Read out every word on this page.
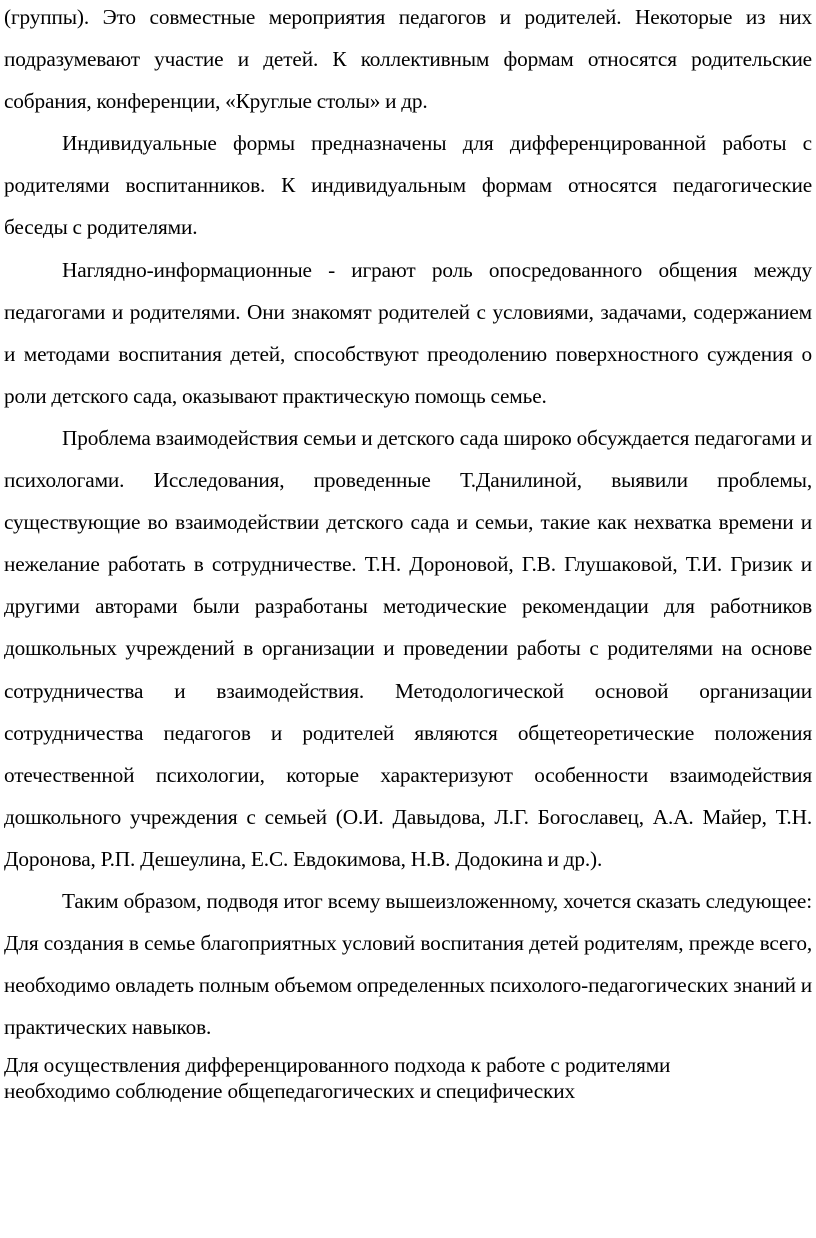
(группы). Это совместные мероприятия педагогов и родителей. Некоторые из них подразумевают участие и детей. К коллективным формам относятся родительские собрания, конференции, «Круглые столы» и др.

Индивидуальные формы предназначены для дифференцированной работы с родителями воспитанников. К индивидуальным формам относятся педагогические беседы с родителями.

Наглядно-информационные - играют роль опосредованного общения между педагогами и родителями. Они знакомят родителей с условиями, задачами, содержанием и методами воспитания детей, способствуют преодолению поверхностного суждения о роли детского сада, оказывают практическую помощь семье.

Проблема взаимодействия семьи и детского сада широко обсуждается педагогами и психологами. Исследования, проведенные Т.Данилиной, выявили проблемы, существующие во взаимодействии детского сада и семьи, такие как нехватка времени и нежелание работать в сотрудничестве. Т.Н. Дороновой, Г.В. Глушаковой, Т.И. Гризик и другими авторами были разработаны методические рекомендации для работников дошкольных учреждений в организации и проведении работы с родителями на основе сотрудничества и взаимодействия. Методологической основой организации сотрудничества педагогов и родителей являются общетеоретические положения отечественной психологии, которые характеризуют особенности взаимодействия дошкольного учреждения с семьей (О.И. Давыдова, Л.Г. Богославец, А.А. Майер, Т.Н. Доронова, Р.П. Дешеулина, Е.С. Евдокимова, Н.В. Додокина и др.).

Таким образом, подводя итог всему вышеизложенному, хочется сказать следующее: Для создания в семье благоприятных условий воспитания детей родителям, прежде всего, необходимо овладеть полным объемом определенных психолого-педагогических знаний и практических навыков.

Для осуществления дифференцированного подхода к работе с родителями
необходимо соблюдение общепедагогических и специфических
